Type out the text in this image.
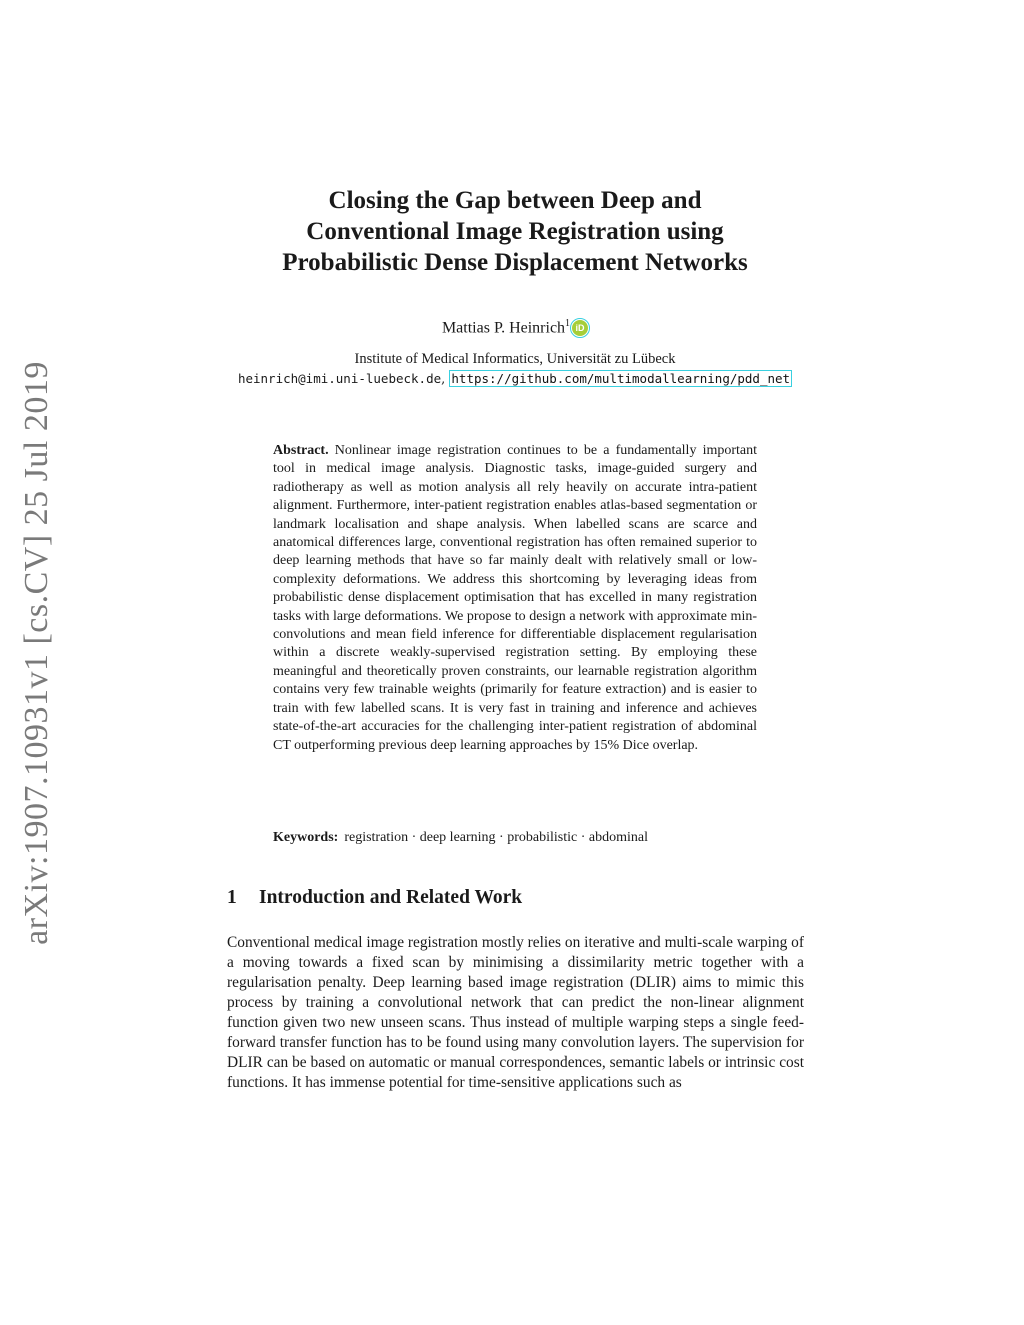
arXiv:1907.10931v1 [cs.CV] 25 Jul 2019
Closing the Gap between Deep and
Conventional Image Registration using
Probabilistic Dense Displacement Networks
Mattias P. Heinrich$^1$ iD
Institute of Medical Informatics, Universität zu Lübeck
heinrich@imi.uni-luebeck.de, https://github.com/multimodallearning/pdd_net

Abstract. Nonlinear image registration continues to be a fundamentally important tool in medical image analysis. Diagnostic tasks, image-guided surgery and radiotherapy as well as motion analysis all rely heavily on accurate intra-patient alignment. Furthermore, inter-patient registration enables atlas-based segmentation or landmark localisation and shape analysis. When labelled scans are scarce and anatomical differences large, conventional registration has often remained superior to deep learning methods that have so far mainly dealt with relatively small or low-complexity deformations. We address this shortcoming by leveraging ideas from probabilistic dense displacement optimisation that has excelled in many registration tasks with large deformations. We propose to design a network with approximate min-convolutions and mean field inference for differentiable displacement regularisation within a discrete weakly-supervised registration setting. By employing these meaningful and theoretically proven constraints, our learnable registration algorithm contains very few trainable weights (primarily for feature extraction) and is easier to train with few labelled scans. It is very fast in training and inference and achieves state-of-the-art accuracies for the challenging inter-patient registration of abdominal CT outperforming previous deep learning approaches by 15% Dice overlap.

Keywords: registration · deep learning · probabilistic · abdominal
1 Introduction and Related Work

Conventional medical image registration mostly relies on iterative and multi-scale warping of a moving towards a fixed scan by minimising a dissimilarity metric together with a regularisation penalty. Deep learning based image registration (DLIR) aims to mimic this process by training a convolutional network that can predict the non-linear alignment function given two new unseen scans. Thus instead of multiple warping steps a single feed-forward transfer function has to be found using many convolution layers. The supervision for DLIR can be based on automatic or manual correspondences, semantic labels or intrinsic cost functions. It has immense potential for time-sensitive applications such as
